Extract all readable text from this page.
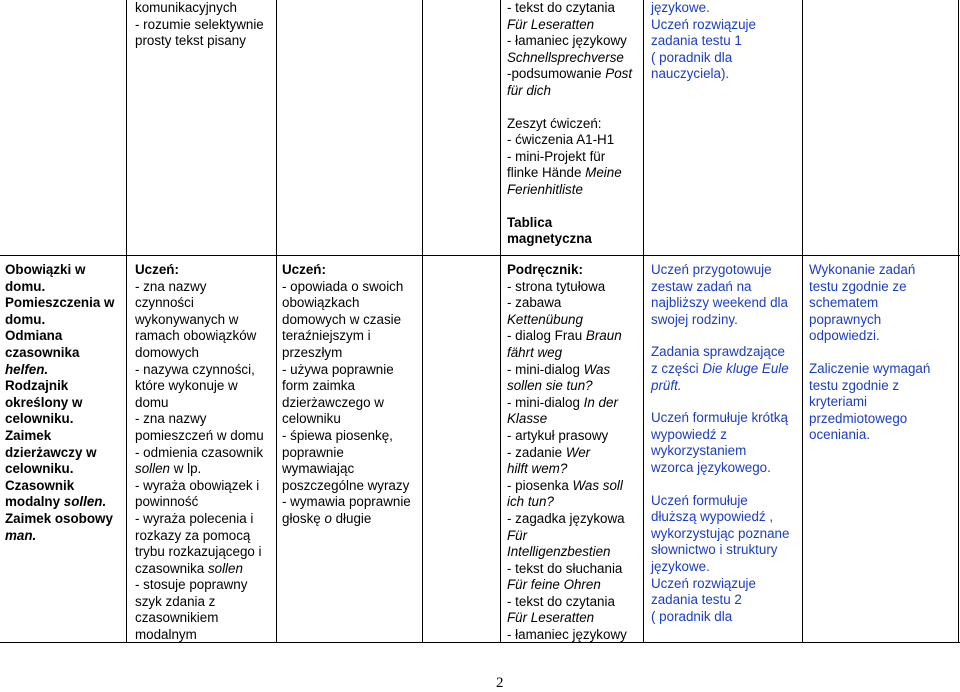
komunikacyjnych
- rozumie selektywnie
prosty tekst pisany
- tekst do czytania
Für Leseratten
- łamaniec językowy
Schnellsprechverse
-podsumowanie Post
für dich
Zeszyt ćwiczeń:
- ćwiczenia A1-H1
- mini-Projekt für
flinke Hände Meine
Ferienhitliste
Tablica
magnetyczna
językowe.
Uczeń rozwiązuje
zadania testu 1
( poradnik dla
nauczyciela).
Obowiązki w
domu.
Pomieszczenia w
domu.
Odmiana
czasownika
helfen.
Rodzajnik
określony w
celowniku.
Zaimek
dzierżawczy w
celowniku.
Czasownik
modalny sollen.
Zaimek osobowy
man.
Uczeń:
- zna nazwy
czynności
wykonywanych w
ramach obowiązków
domowych
- nazywa czynności,
które wykonuje w
domu
- zna nazwy
pomieszczeń w domu
- odmienia czasownik
sollen w lp.
- wyraża obowiązek i
powinność
- wyraża polecenia i
rozkazy za pomocą
trybu rozkazującego i
czasownika sollen
- stosuje poprawny
szyk zdania z
czasownikiem
modalnym
Uczeń:
- opowiada o swoich
obowiązkach
domowych w czasie
teraźniejszym i
przeszłym
- używa poprawnie
form zaimka
dzierżawczego w
celowniku
- śpiewa piosenkę,
poprawnie
wymawiając
poszczególne wyrazy
- wymawia poprawnie
głoskę o długie
Podręcznik:
- strona tytułowa
- zabawa
Kettenübung
- dialog Frau Braun
fährt weg
- mini-dialog Was
sollen sie tun?
- mini-dialog In der
Klasse
- artykuł prasowy
- zadanie Wer
hilft wem?
- piosenka Was soll
ich tun?
- zagadka językowa
Für
Intelligenzbestien
- tekst do słuchania
Für feine Ohren
- tekst do czytania
Für Leseratten
- łamaniec językowy
Uczeń przygotowuje
zestaw zadań na
najbliższy weekend dla
swojej rodziny.
Zadania sprawdzające
z części Die kluge Eule
prüft.
Uczeń formułuje krótką
wypowiedź z
wykorzystaniem
wzorca językowego.
Uczeń formułuje
dłuższą wypowiedź ,
wykorzystując poznane
słownictwo i struktury
językowe.
Uczeń rozwiązuje
zadania testu 2
( poradnik dla
Wykonanie zadań
testu zgodnie ze
schematem
poprawnych
odpowiedzi.
Zaliczenie wymagań
testu zgodnie z
kryteriami
przedmiotowego
oceniania.
2
